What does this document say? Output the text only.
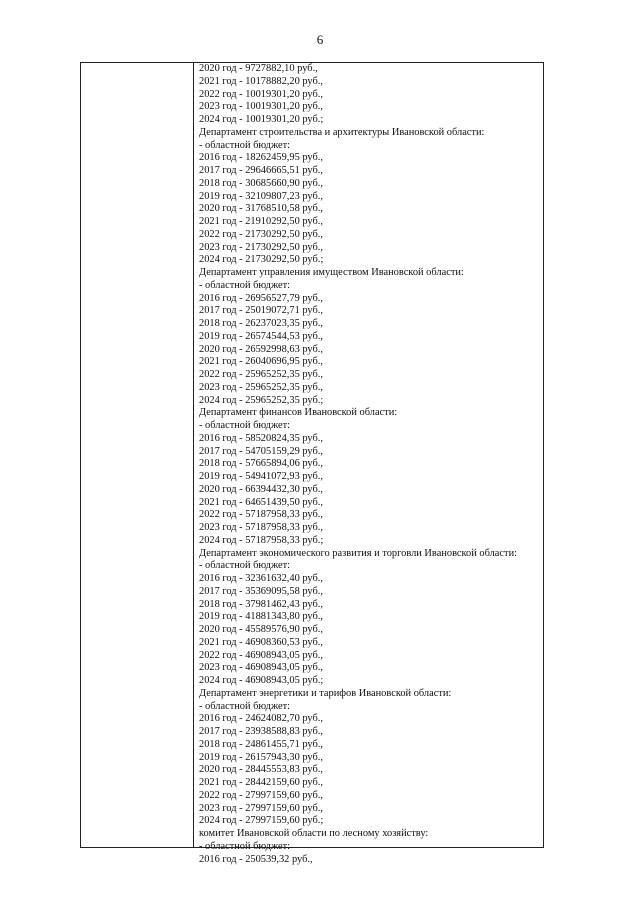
6
2020 год - 9727882,10 руб.,
2021 год - 10178882,20 руб.,
2022 год - 10019301,20 руб.,
2023 год - 10019301,20 руб.,
2024 год - 10019301,20 руб.;
Департамент строительства и архитектуры Ивановской области:
- областной бюджет:
2016 год - 18262459,95 руб.,
2017 год - 29646665,51 руб.,
2018 год - 30685660,90 руб.,
2019 год - 32109807,23 руб.,
2020 год - 31768510,58 руб.,
2021 год - 21910292,50 руб.,
2022 год - 21730292,50 руб.,
2023 год - 21730292,50 руб.,
2024 год - 21730292,50 руб.;
Департамент управления имуществом Ивановской области:
- областной бюджет:
2016 год - 26956527,79 руб.,
2017 год - 25019072,71 руб.,
2018 год - 26237023,35 руб.,
2019 год - 26574544,53 руб.,
2020 год - 26592998,63 руб.,
2021 год - 26040696,95 руб.,
2022 год - 25965252,35 руб.,
2023 год - 25965252,35 руб.,
2024 год - 25965252,35 руб.;
Департамент финансов Ивановской области:
- областной бюджет:
2016 год - 58520824,35 руб.,
2017 год - 54705159,29 руб.,
2018 год - 57665894,06 руб.,
2019 год - 54941072,93 руб.,
2020 год - 66394432,30 руб.,
2021 год - 64651439,50 руб.,
2022 год - 57187958,33 руб.,
2023 год - 57187958,33 руб.,
2024 год - 57187958,33 руб.;
Департамент экономического развития и торговли Ивановской области:
- областной бюджет:
2016 год - 32361632,40 руб.,
2017 год - 35369095,58 руб.,
2018 год - 37981462,43 руб.,
2019 год - 41881343,80 руб.,
2020 год - 45589576,90 руб.,
2021 год - 46908360,53 руб.,
2022 год - 46908943,05 руб.,
2023 год - 46908943,05 руб.,
2024 год - 46908943,05 руб.;
Департамент энергетики и тарифов Ивановской области:
- областной бюджет:
2016 год - 24624082,70 руб.,
2017 год - 23938588,83 руб.,
2018 год - 24861455,71 руб.,
2019 год - 26157943,30 руб.,
2020 год - 28445553,83 руб.,
2021 год - 28442159,60 руб.,
2022 год - 27997159,60 руб.,
2023 год - 27997159,60 руб.,
2024 год - 27997159,60 руб.;
комитет Ивановской области по лесному хозяйству:
- областной бюджет:
2016 год - 250539,32 руб.,
